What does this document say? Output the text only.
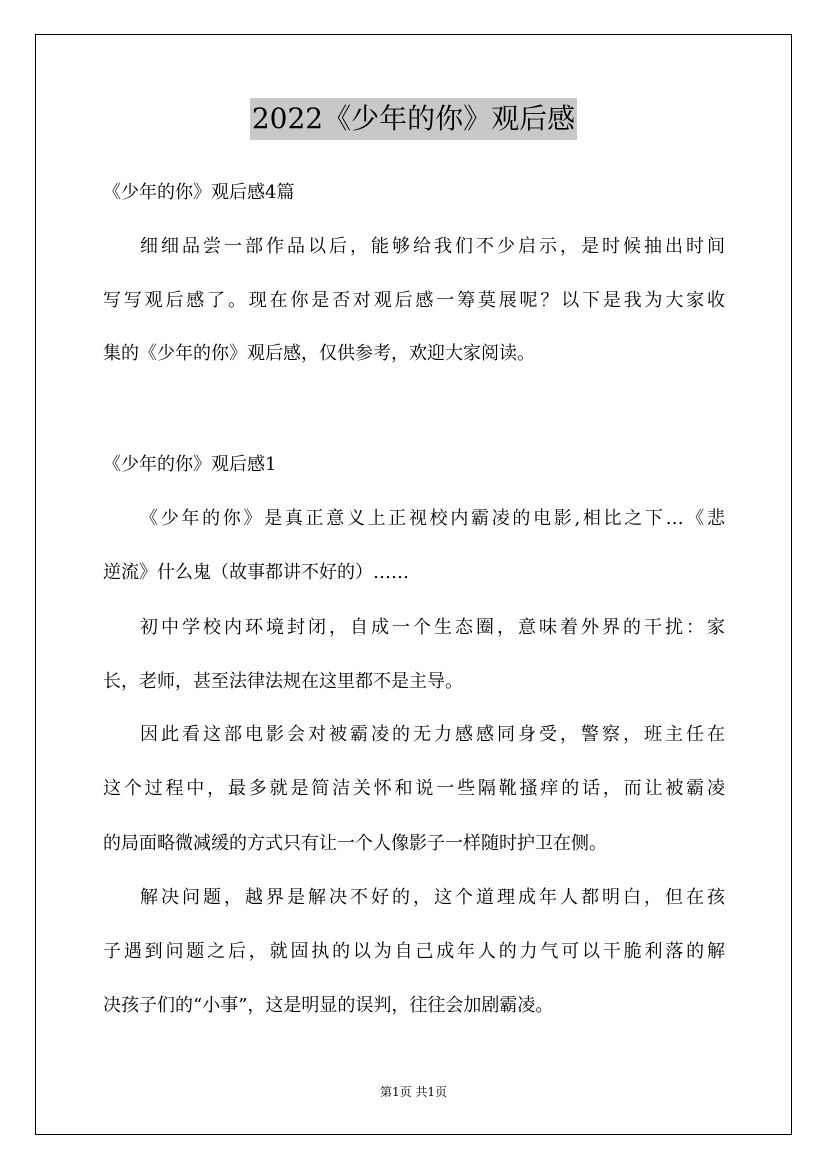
2022《少年的你》观后感
《少年的你》观后感4篇
细细品尝一部作品以后，能够给我们不少启示，是时候抽出时间
写写观后感了。现在你是否对观后感一筹莫展呢？以下是我为大家收
集的《少年的你》观后感，仅供参考，欢迎大家阅读。
《少年的你》观后感1
《少年的你》是真正意义上正视校内霸凌的电影,相比之下…《悲
逆流》什么鬼（故事都讲不好的）……
初中学校内环境封闭，自成一个生态圈，意味着外界的干扰：家
长，老师，甚至法律法规在这里都不是主导。
因此看这部电影会对被霸凌的无力感感同身受，警察，班主任在
这个过程中，最多就是简洁关怀和说一些隔靴搔痒的话，而让被霸凌
的局面略微减缓的方式只有让一个人像影子一样随时护卫在侧。
解决问题，越界是解决不好的，这个道理成年人都明白，但在孩
子遇到问题之后，就固执的以为自己成年人的力气可以干脆利落的解
决孩子们的“小事”，这是明显的误判，往往会加剧霸凌。
第1页 共1页
